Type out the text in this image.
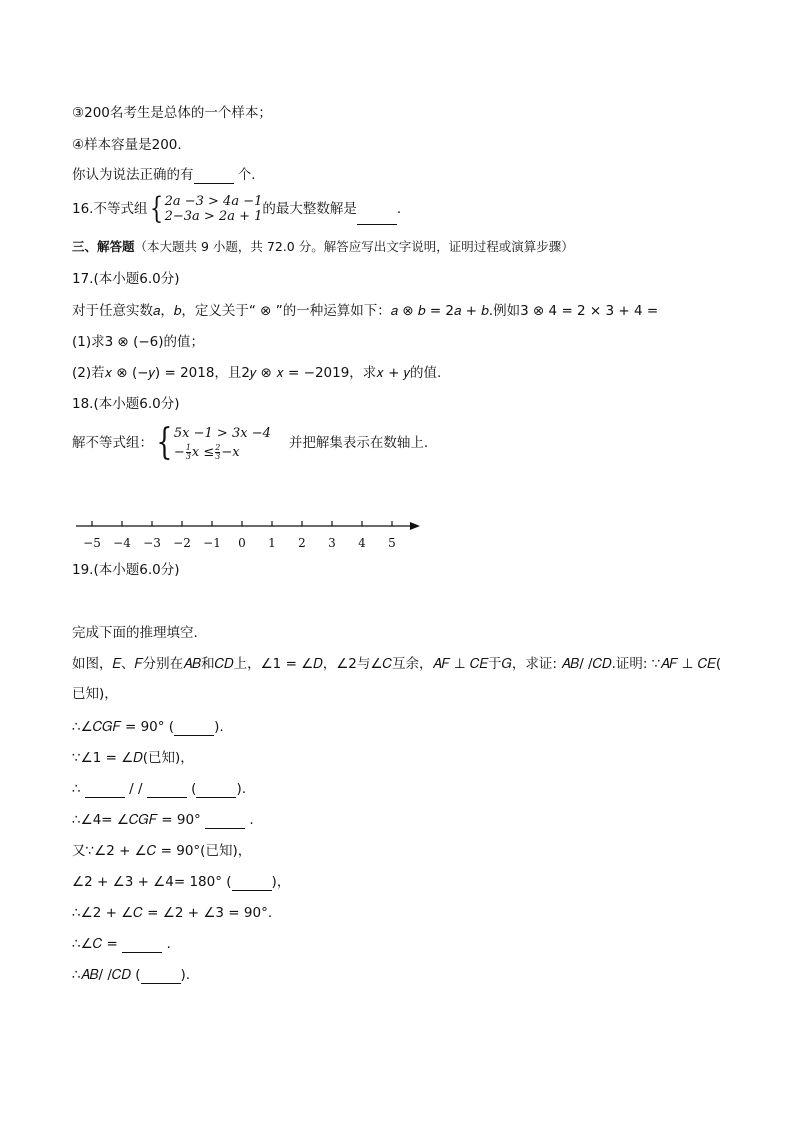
③200名考生是总体的一个样本；
④样本容量是200.
你认为说法正确的有	个.
16.不等式组 { 2𝑎 −3 > 4𝑎 −1
2−3𝑎 > 2𝑎 + 1 的最大整数解是	.
三、解答题（本大题共 9 小题，共 72.0 分。解答应写出文字说明，证明过程或演算步骤）
17.(本小题6.0分)
对于任意实数𝑎，𝑏，定义关于“ ⊗ ”的一种运算如下：𝑎 ⊗ 𝑏 = 2𝑎 + 𝑏.例如3 ⊗ 4 = 2 × 3 + 4 =
(1)求3 ⊗ (−6)的值；
(2)若𝑥 ⊗ (−𝑦) = 2018，且2𝑦 ⊗ 𝑥 = −2019，求𝑥 + 𝑦的值.
18.(本小题6.0分)
解不等式组： { 5𝑥 −1 > 3𝑥 −4
− $\frac{1}{3}$ 𝑥 ≤ $\frac{2}{3}$ −𝑥
并把解集表示在数轴上.
−5 −4 −3 −2 −1 0 1 2 3 4 5
19.(本小题6.0分)
完成下面的推理填空.
如图，𝐸、𝐹分别在𝐴𝐵和𝐶𝐷上，∠1 = ∠𝐷，∠2与∠𝐶互余，𝐴𝐹 ⊥ 𝐶𝐸于𝐺，求证: 𝐴𝐵/ /𝐶𝐷.证明: ∵𝐴𝐹 ⊥ 𝐶𝐸(
已知)，
∴∠𝐶𝐺𝐹 = 90° (	).
∵∠1 = ∠𝐷(已知)，
∴	/ /	(	).
∴∠4= ∠𝐶𝐺𝐹 = 90°	.
又∵∠2 + ∠𝐶 = 90°(已知)，
∠2 + ∠3 + ∠4= 180° (	)，
∴∠2 + ∠𝐶 = ∠2 + ∠3 = 90°.
∴∠𝐶 =	.
∴𝐴𝐵/ /𝐶𝐷 (	).
